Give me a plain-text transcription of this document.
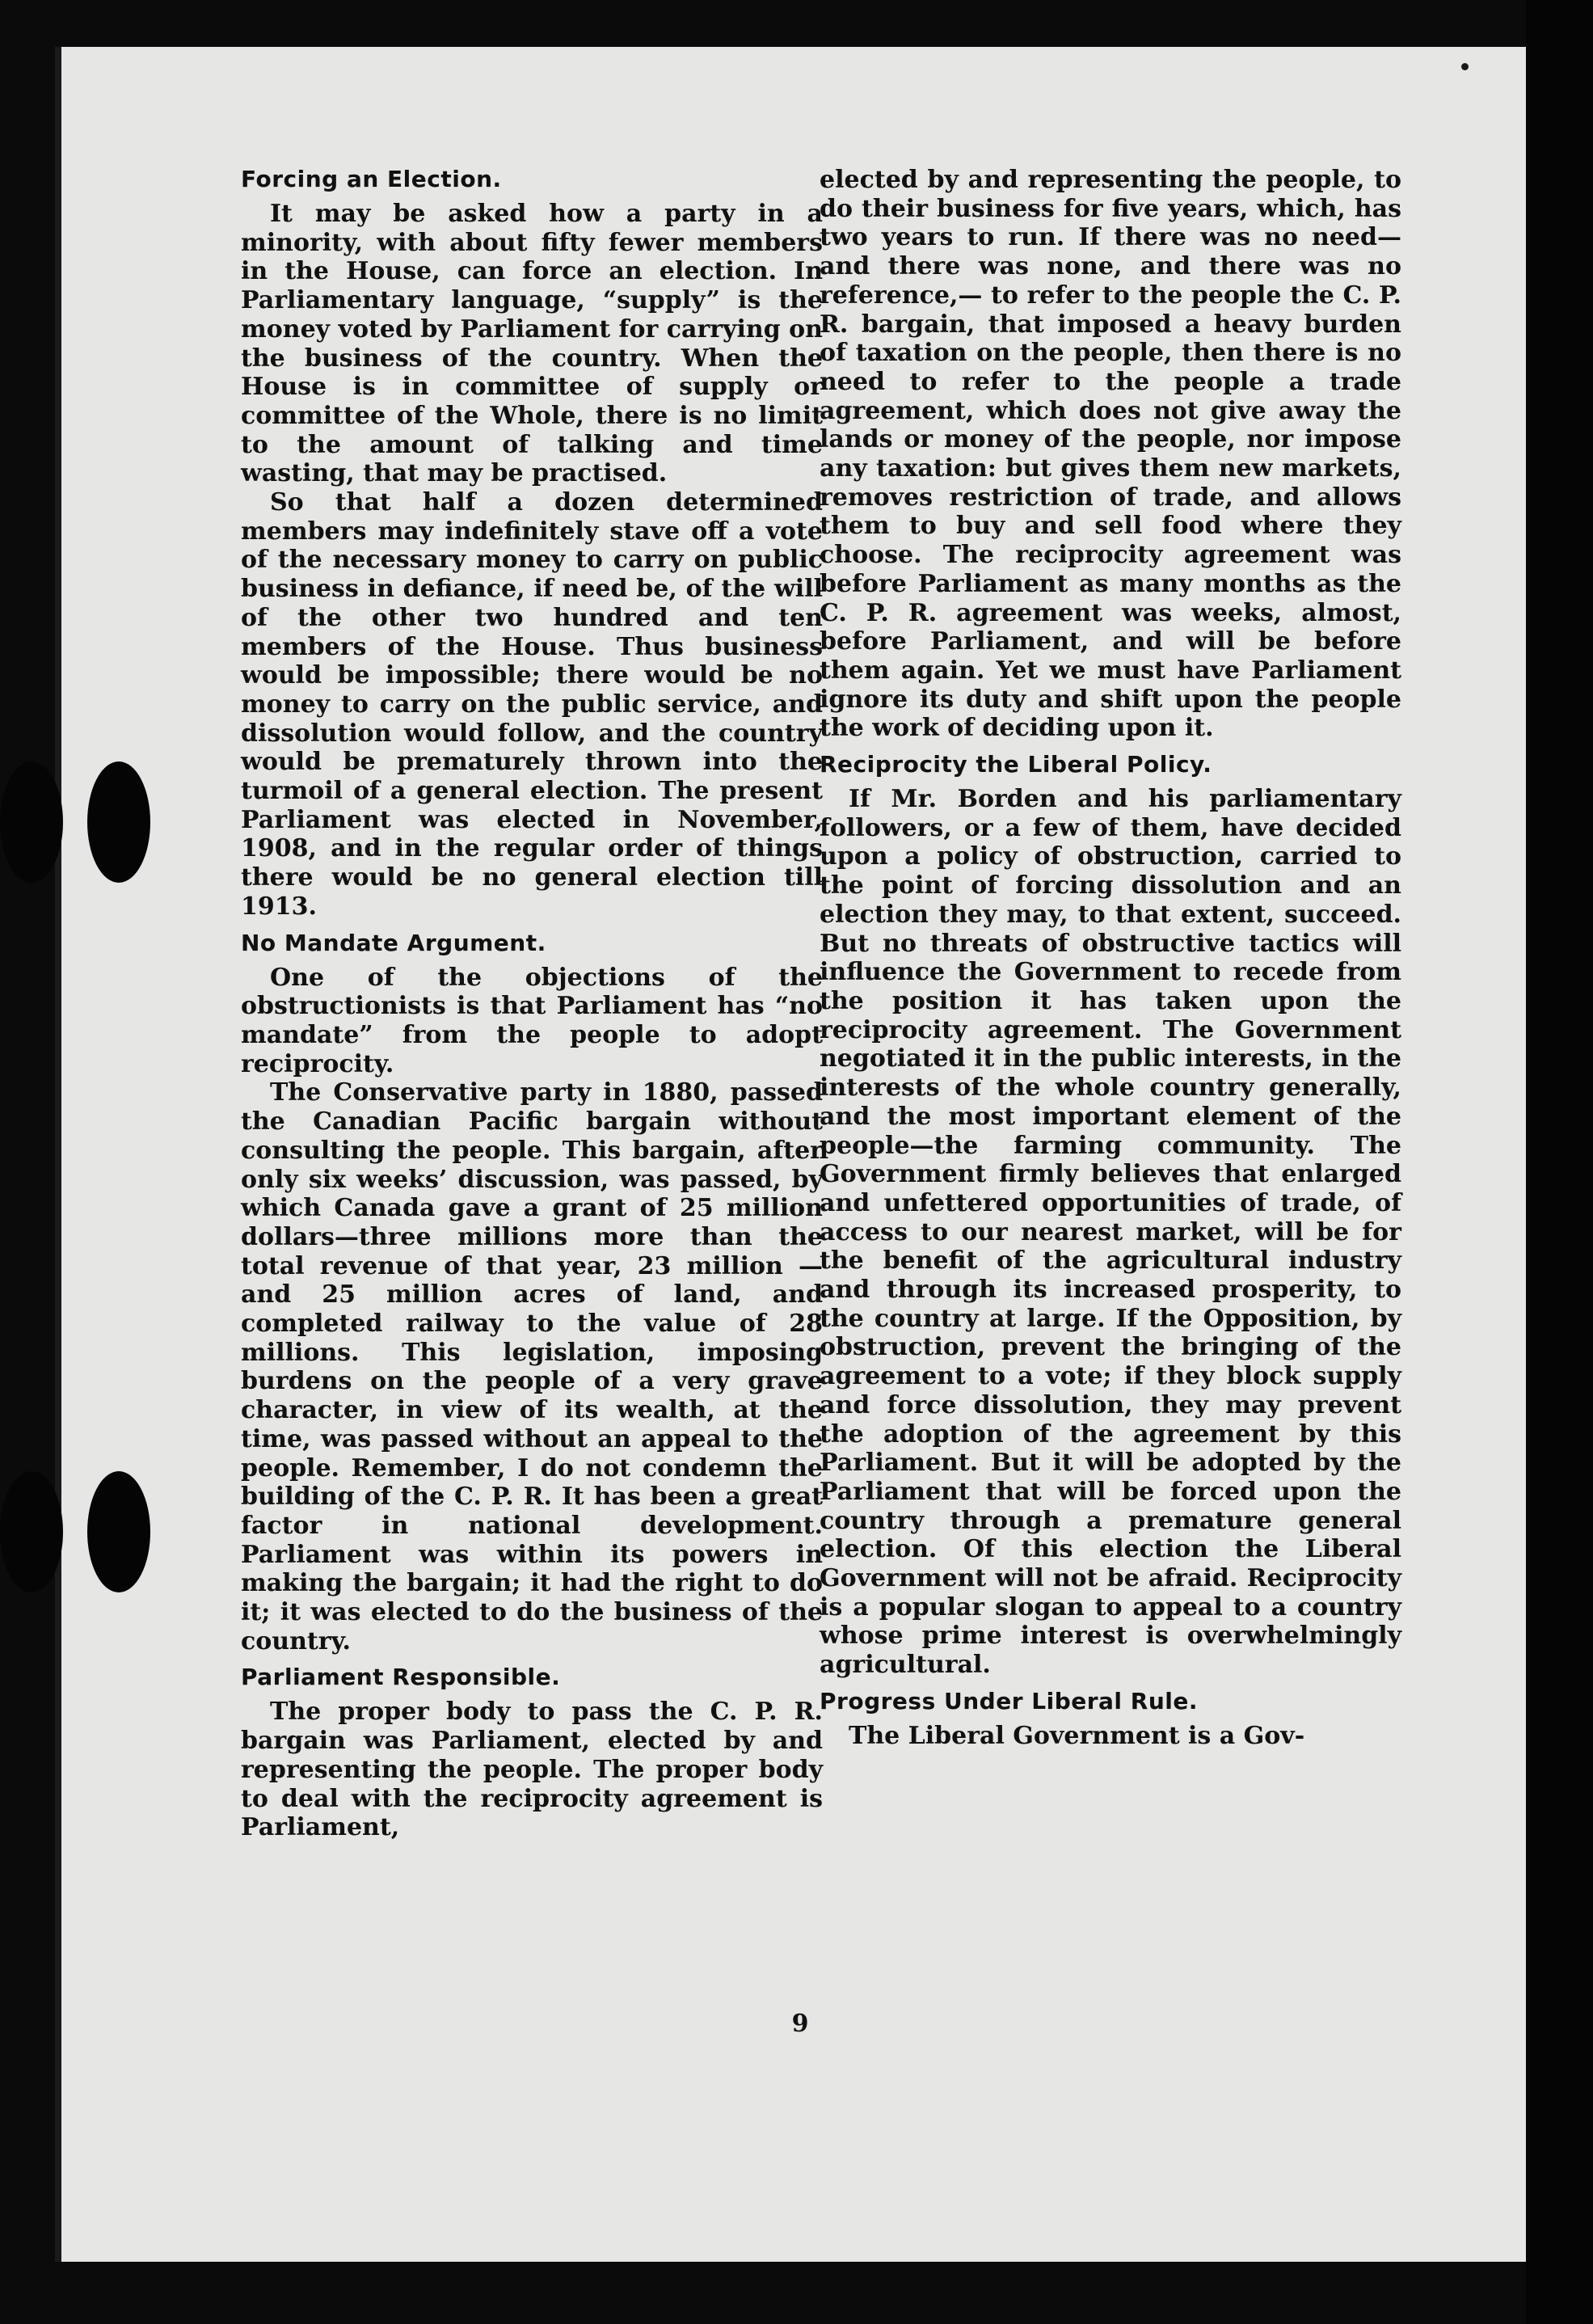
Forcing an Election.

It may be asked how a party in a minority, with about fifty fewer members in the House, can force an election. In Parliamentary language, “supply” is the money voted by Parliament for carrying on the business of the country. When the House is in committee of supply or committee of the Whole, there is no limit to the amount of talking and time wasting, that may be practised.

So that half a dozen determined members may indefinitely stave off a vote of the necessary money to carry on public business in defiance, if need be, of the will of the other two hundred and ten members of the House. Thus business would be impossible; there would be no money to carry on the public service, and dissolution would follow, and the country would be prematurely thrown into the turmoil of a general election. The present Parliament was elected in November, 1908, and in the regular order of things there would be no general election till 1913.

No Mandate Argument.

One of the objections of the obstructionists is that Parliament has “no mandate” from the people to adopt reciprocity.

The Conservative party in 1880, passed the Canadian Pacific bargain without consulting the people. This bargain, after only six weeks’ discussion, was passed, by which Canada gave a grant of 25 million dollars—three millions more than the total revenue of that year, 23 million —and 25 million acres of land, and completed railway to the value of 28 millions. This legislation, imposing burdens on the people of a very grave character, in view of its wealth, at the time, was passed without an appeal to the people. Remember, I do not condemn the building of the C. P. R. It has been a great factor in national development. Parliament was within its powers in making the bargain; it had the right to do it; it was elected to do the business of the country.

Parliament Responsible.

The proper body to pass the C. P. R. bargain was Parliament, elected by and representing the people. The proper body to deal with the reciprocity agreement is Parliament,

elected by and representing the people, to do their business for five years, which, has two years to run. If there was no need—and there was none, and there was no reference,— to refer to the people the C. P. R. bargain, that imposed a heavy burden of taxation on the people, then there is no need to refer to the people a trade agreement, which does not give away the lands or money of the people, nor impose any taxation: but gives them new markets, removes restriction of trade, and allows them to buy and sell food where they choose. The reciprocity agreement was before Parliament as many months as the C. P. R. agreement was weeks, almost, before Parliament, and will be before them again. Yet we must have Parliament ignore its duty and shift upon the people the work of deciding upon it.

Reciprocity the Liberal Policy.

If Mr. Borden and his parliamentary followers, or a few of them, have decided upon a policy of obstruction, carried to the point of forcing dissolution and an election they may, to that extent, succeed. But no threats of obstructive tactics will influence the Government to recede from the position it has taken upon the reciprocity agreement. The Government negotiated it in the public interests, in the interests of the whole country generally, and the most important element of the people—the farming community. The Government firmly believes that enlarged and unfettered opportunities of trade, of access to our nearest market, will be for the benefit of the agricultural industry and through its increased prosperity, to the country at large. If the Opposition, by obstruction, prevent the bringing of the agreement to a vote; if they block supply and force dissolution, they may prevent the adoption of the agreement by this Parliament. But it will be adopted by the Parliament that will be forced upon the country through a premature general election. Of this election the Liberal Government will not be afraid. Reciprocity is a popular slogan to appeal to a country whose prime interest is overwhelmingly agricultural.

Progress Under Liberal Rule.

The Liberal Government is a Gov-

9
